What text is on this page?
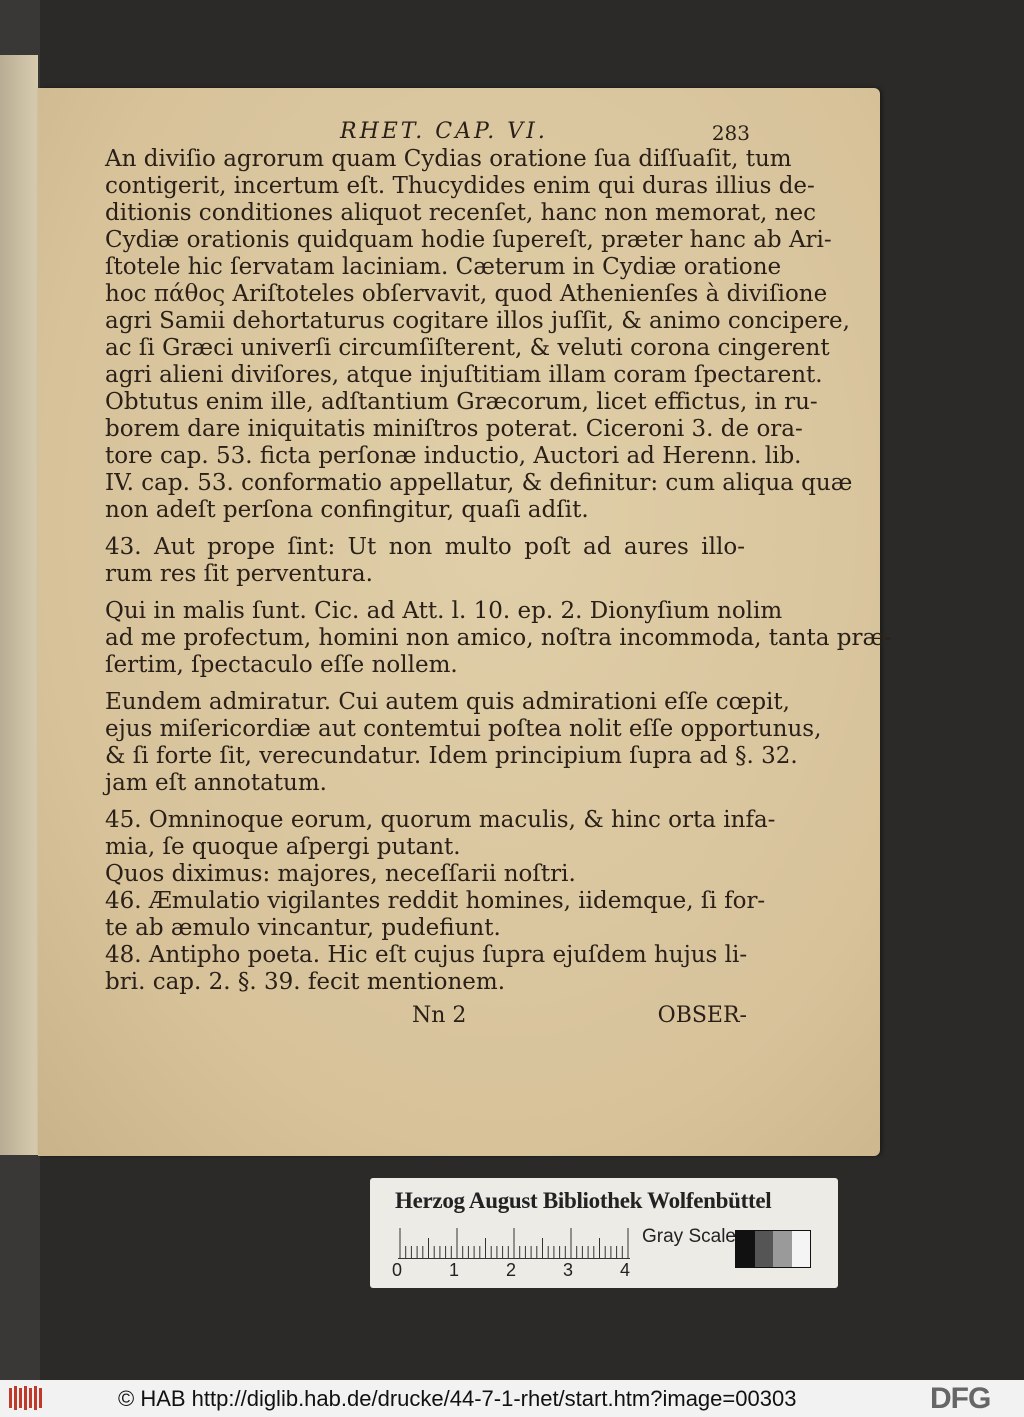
RHET. CAP. VI.	283
An diviſio agrorum quam Cydias oratione ſua diſſuaſit, tum
contigerit, incertum eſt. Thucydides enim qui duras illius de-
ditionis conditiones aliquot recenſet, hanc non memorat, nec
Cydiæ orationis quidquam hodie ſupereſt, præter hanc ab Ari-
ſtotele hic ſervatam laciniam. Cæterum in Cydiæ oratione
hoc πάθος Ariſtoteles obſervavit, quod Athenienſes à diviſione
agri Samii dehortaturus cogitare illos juſſit, & animo concipere,
ac ſi Græci univerſi circumſiſterent, & veluti corona cingerent
agri alieni diviſores, atque injuſtitiam illam coram ſpectarent.
Obtutus enim ille, adſtantium Græcorum, licet effictus, in ru-
borem dare iniquitatis miniſtros poterat. Ciceroni 3. de ora-
tore cap. 53. ficta perſonæ inductio, Auctori ad Herenn. lib.
IV. cap. 53. conformatio appellatur, & definitur: cum aliqua quæ
non adeſt perſona confingitur, quaſi adſit.
43. Aut prope ſint: Ut non multo poſt ad aures illo-
rum res ſit perventura.
Qui in malis ſunt. Cic. ad Att. l. 10. ep. 2. Dionyſium nolim
ad me profectum, homini non amico, noſtra incommoda, tanta præ-
ſertim, ſpectaculo eſſe nollem.
Eundem admiratur. Cui autem quis admirationi eſſe cœpit,
ejus miſericordiæ aut contemtui poſtea nolit eſſe opportunus,
& ſi forte ſit, verecundatur. Idem principium ſupra ad §. 32.
jam eſt annotatum.
45. Omninoque eorum, quorum maculis, & hinc orta infa-
mia, ſe quoque aſpergi putant.
Quos diximus: majores, neceſſarii noſtri.
46. Æmulatio vigilantes reddit homines, iidemque, ſi for-
te ab æmulo vincantur, pudefiunt.
48. Antipho poeta. Hic eſt cujus ſupra ejuſdem hujus li-
bri. cap. 2. §. 39. fecit mentionem.
Nn 2	OBSER-
Herzog August Bibliothek Wolfenbüttel
0	1	2	3	4
Gray Scale
© HAB http://diglib.hab.de/drucke/44-7-1-rhet/start.htm?image=00303	DFG
